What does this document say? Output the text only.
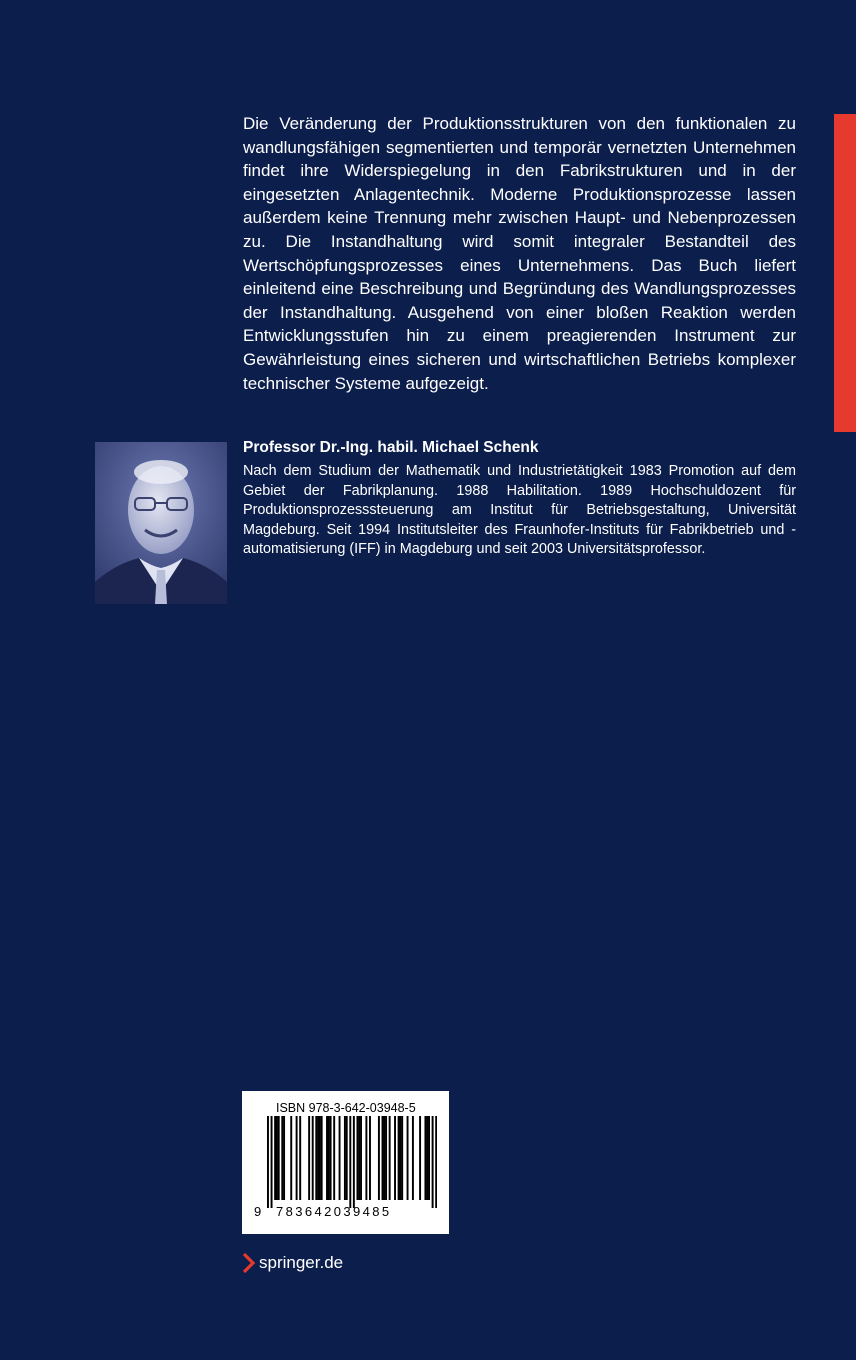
Die Veränderung der Produktionsstrukturen von den funktionalen zu wandlungsfähigen segmentierten und temporär vernetzten Unternehmen findet ihre Widerspiegelung in den Fabrikstrukturen und in der eingesetzten Anlagentechnik. Moderne Produktionsprozesse lassen außerdem keine Trennung mehr zwischen Haupt- und Nebenprozessen zu. Die Instandhaltung wird somit integraler Bestandteil des Wertschöpfungsprozesses eines Unternehmens. Das Buch liefert einleitend eine Beschreibung und Begründung des Wandlungsprozesses der Instandhaltung. Ausgehend von einer bloßen Reaktion werden Entwicklungsstufen hin zu einem preagierenden Instrument zur Gewährleistung eines sicheren und wirtschaftlichen Betriebs komplexer technischer Systeme aufgezeigt.

Professor Dr.-Ing. habil. Michael Schenk

Nach dem Studium der Mathematik und Industrietätigkeit 1983 Promotion auf dem Gebiet der Fabrikplanung. 1988 Habilitation. 1989 Hochschuldozent für Produktionsprozesssteuerung am Institut für Betriebsgestaltung, Universität Magdeburg. Seit 1994 Institutsleiter des Fraunhofer-Instituts für Fabrikbetrieb und -automatisierung (IFF) in Magdeburg und seit 2003 Universitätsprofessor.

ISBN 978-3-642-03948-5
9 783642039485
springer.de
